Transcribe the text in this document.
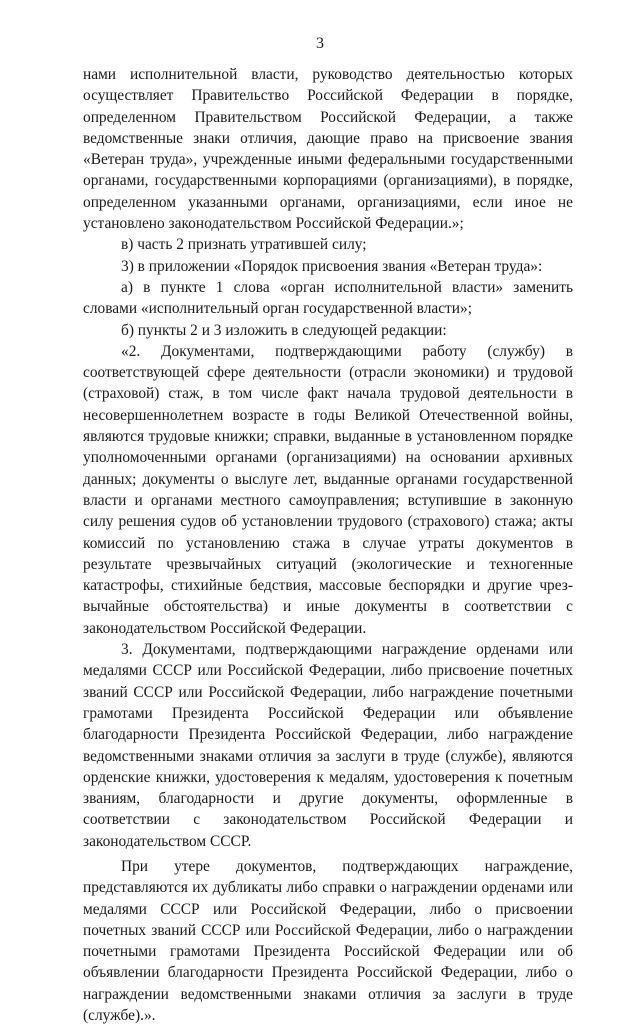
3

нами исполнительной власти, руководство деятельностью которых осуществляет Правительство Российской Федерации в порядке, определенном Правительством Российской Федерации, а также ведомственные знаки отличия, дающие право на присвоение звания «Ветеран труда», учрежденные иными федеральными государственными органами, государственными корпорациями (организациями), в порядке, определенном указанными органами, организациями, если иное не установлено законодательством Российской Федерации.»;

в) часть 2 признать утратившей силу;

3) в приложении «Порядок присвоения звания «Ветеран труда»:

а) в пункте 1 слова «орган исполнительной власти» заменить словами «исполнительный орган государственной власти»;

б) пункты 2 и 3 изложить в следующей редакции:

«2. Документами, подтверждающими работу (службу) в соответствующей сфере деятельности (отрасли экономики) и трудовой (страховой) стаж, в том числе факт начала трудовой деятельности в несовершеннолетнем возрасте в годы Великой Отечественной войны, являются трудовые книжки; справки, выданные в установленном порядке уполномоченными органами (организациями) на основании архивных данных; документы о выслуге лет, выданные органами государственной власти и органами местного самоуправления; вступившие в законную силу решения судов об установлении трудового (страхового) стажа; акты комиссий по установлению стажа в случае утраты документов в результате чрезвычайных ситуаций (экологические и техногенные катастрофы, стихийные бедствия, массовые беспорядки и другие чрезвычайные обстоятельства) и иные документы в соответствии с законодательством Российской Федерации.

3. Документами, подтверждающими награждение орденами или медалями СССР или Российской Федерации, либо присвоение почетных званий СССР или Российской Федерации, либо награждение почетными грамотами Президента Российской Федерации или объявление благодарности Президента Российской Федерации, либо награждение ведомственными знаками отличия за заслуги в труде (службе), являются орденские книжки, удостоверения к медалям, удостоверения к почетным званиям, благодарности и другие документы, оформленные в соответствии с законодательством Российской Федерации и законодательством СССР.

При утере документов, подтверждающих награждение, представляются их дубликаты либо справки о награждении орденами или медалями СССР или Российской Федерации, либо о присвоении почетных званий СССР или Российской Федерации, либо о награждении почетными грамотами Президента Российской Федерации или об объявлении благодарности Президента Российской Федерации, либо о награждении ведомственными знаками отличия за заслуги в труде (службе).».
